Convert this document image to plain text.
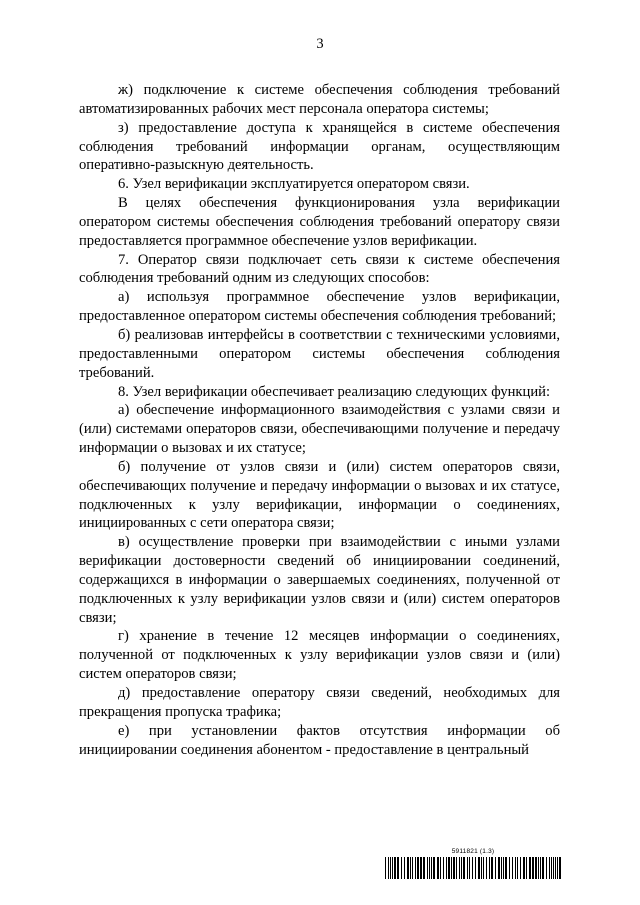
3

ж) подключение к системе обеспечения соблюдения требований автоматизированных рабочих мест персонала оператора системы;

з) предоставление доступа к хранящейся в системе обеспечения соблюдения требований информации органам, осуществляющим оперативно-разыскную деятельность.

6. Узел верификации эксплуатируется оператором связи.

В целях обеспечения функционирования узла верификации оператором системы обеспечения соблюдения требований оператору связи предоставляется программное обеспечение узлов верификации.

7. Оператор связи подключает сеть связи к системе обеспечения соблюдения требований одним из следующих способов:

а) используя программное обеспечение узлов верификации, предоставленное оператором системы обеспечения соблюдения требований;

б) реализовав интерфейсы в соответствии с техническими условиями, предоставленными оператором системы обеспечения соблюдения требований.

8. Узел верификации обеспечивает реализацию следующих функций:

а) обеспечение информационного взаимодействия с узлами связи и (или) системами операторов связи, обеспечивающими получение и передачу информации о вызовах и их статусе;

б) получение от узлов связи и (или) систем операторов связи, обеспечивающих получение и передачу информации о вызовах и их статусе, подключенных к узлу верификации, информации о соединениях, инициированных с сети оператора связи;

в) осуществление проверки при взаимодействии с иными узлами верификации достоверности сведений об инициировании соединений, содержащихся в информации о завершаемых соединениях, полученной от подключенных к узлу верификации узлов связи и (или) систем операторов связи;

г) хранение в течение 12 месяцев информации о соединениях, полученной от подключенных к узлу верификации узлов связи и (или) систем операторов связи;

д) предоставление оператору связи сведений, необходимых для прекращения пропуска трафика;

е) при установлении фактов отсутствия информации об инициировании соединения абонентом - предоставление в центральный

5911821 (1.3)
